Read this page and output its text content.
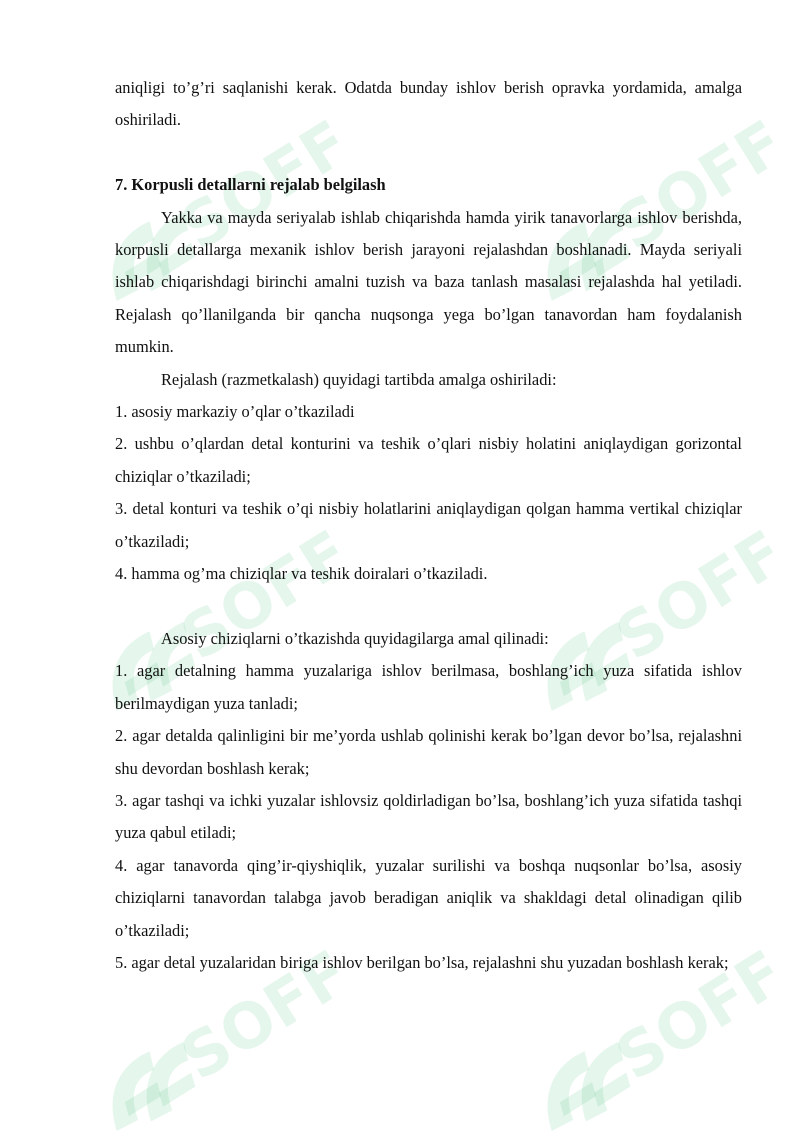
SOFF

aniqligi to’g’ri saqlanishi kerak. Odatda bunday ishlov berish opravka yordamida, amalga oshiriladi.

7. Korpusli detallarni rejalab belgilash

Yakka va mayda seriyalab ishlab chiqarishda hamda yirik tanavorlarga ishlov berishda, korpusli detallarga mexanik ishlov berish jarayoni rejalashdan boshlanadi. Mayda seriyali ishlab chiqarishdagi birinchi amalni tuzish va baza tanlash masalasi rejalashda hal yetiladi. Rejalash qo’llanilganda bir qancha nuqsonga yega bo’lgan tanavordan ham foydalanish mumkin.

Rejalash (razmetkalash) quyidagi tartibda amalga oshiriladi:

1. asosiy markaziy o’qlar o’tkaziladi

2. ushbu o’qlardan detal konturini va teshik o’qlari nisbiy holatini aniqlaydigan gorizontal chiziqlar o’tkaziladi;

3. detal konturi va teshik o’qi nisbiy holatlarini aniqlaydigan qolgan hamma vertikal chiziqlar o’tkaziladi;

4. hamma og’ma chiziqlar va teshik doiralari o’tkaziladi.

Asosiy chiziqlarni o’tkazishda quyidagilarga amal qilinadi:

1. agar detalning hamma yuzalariga ishlov berilmasa, boshlang’ich yuza sifatida ishlov berilmaydigan yuza tanladi;

2. agar detalda qalinligini bir me’yorda ushlab qolinishi kerak bo’lgan devor bo’lsa, rejalashni shu devordan boshlash kerak;

3. agar tashqi va ichki yuzalar ishlovsiz qoldirladigan bo’lsa, boshlang’ich yuza sifatida tashqi yuza qabul etiladi;

4. agar tanavorda qing’ir-qiyshiqlik, yuzalar surilishi va boshqa nuqsonlar bo’lsa, asosiy chiziqlarni tanavordan talabga javob beradigan aniqlik va shakldagi detal olinadigan qilib o’tkaziladi;

5. agar detal yuzalaridan biriga ishlov berilgan bo’lsa, rejalashni shu yuzadan boshlash kerak;
